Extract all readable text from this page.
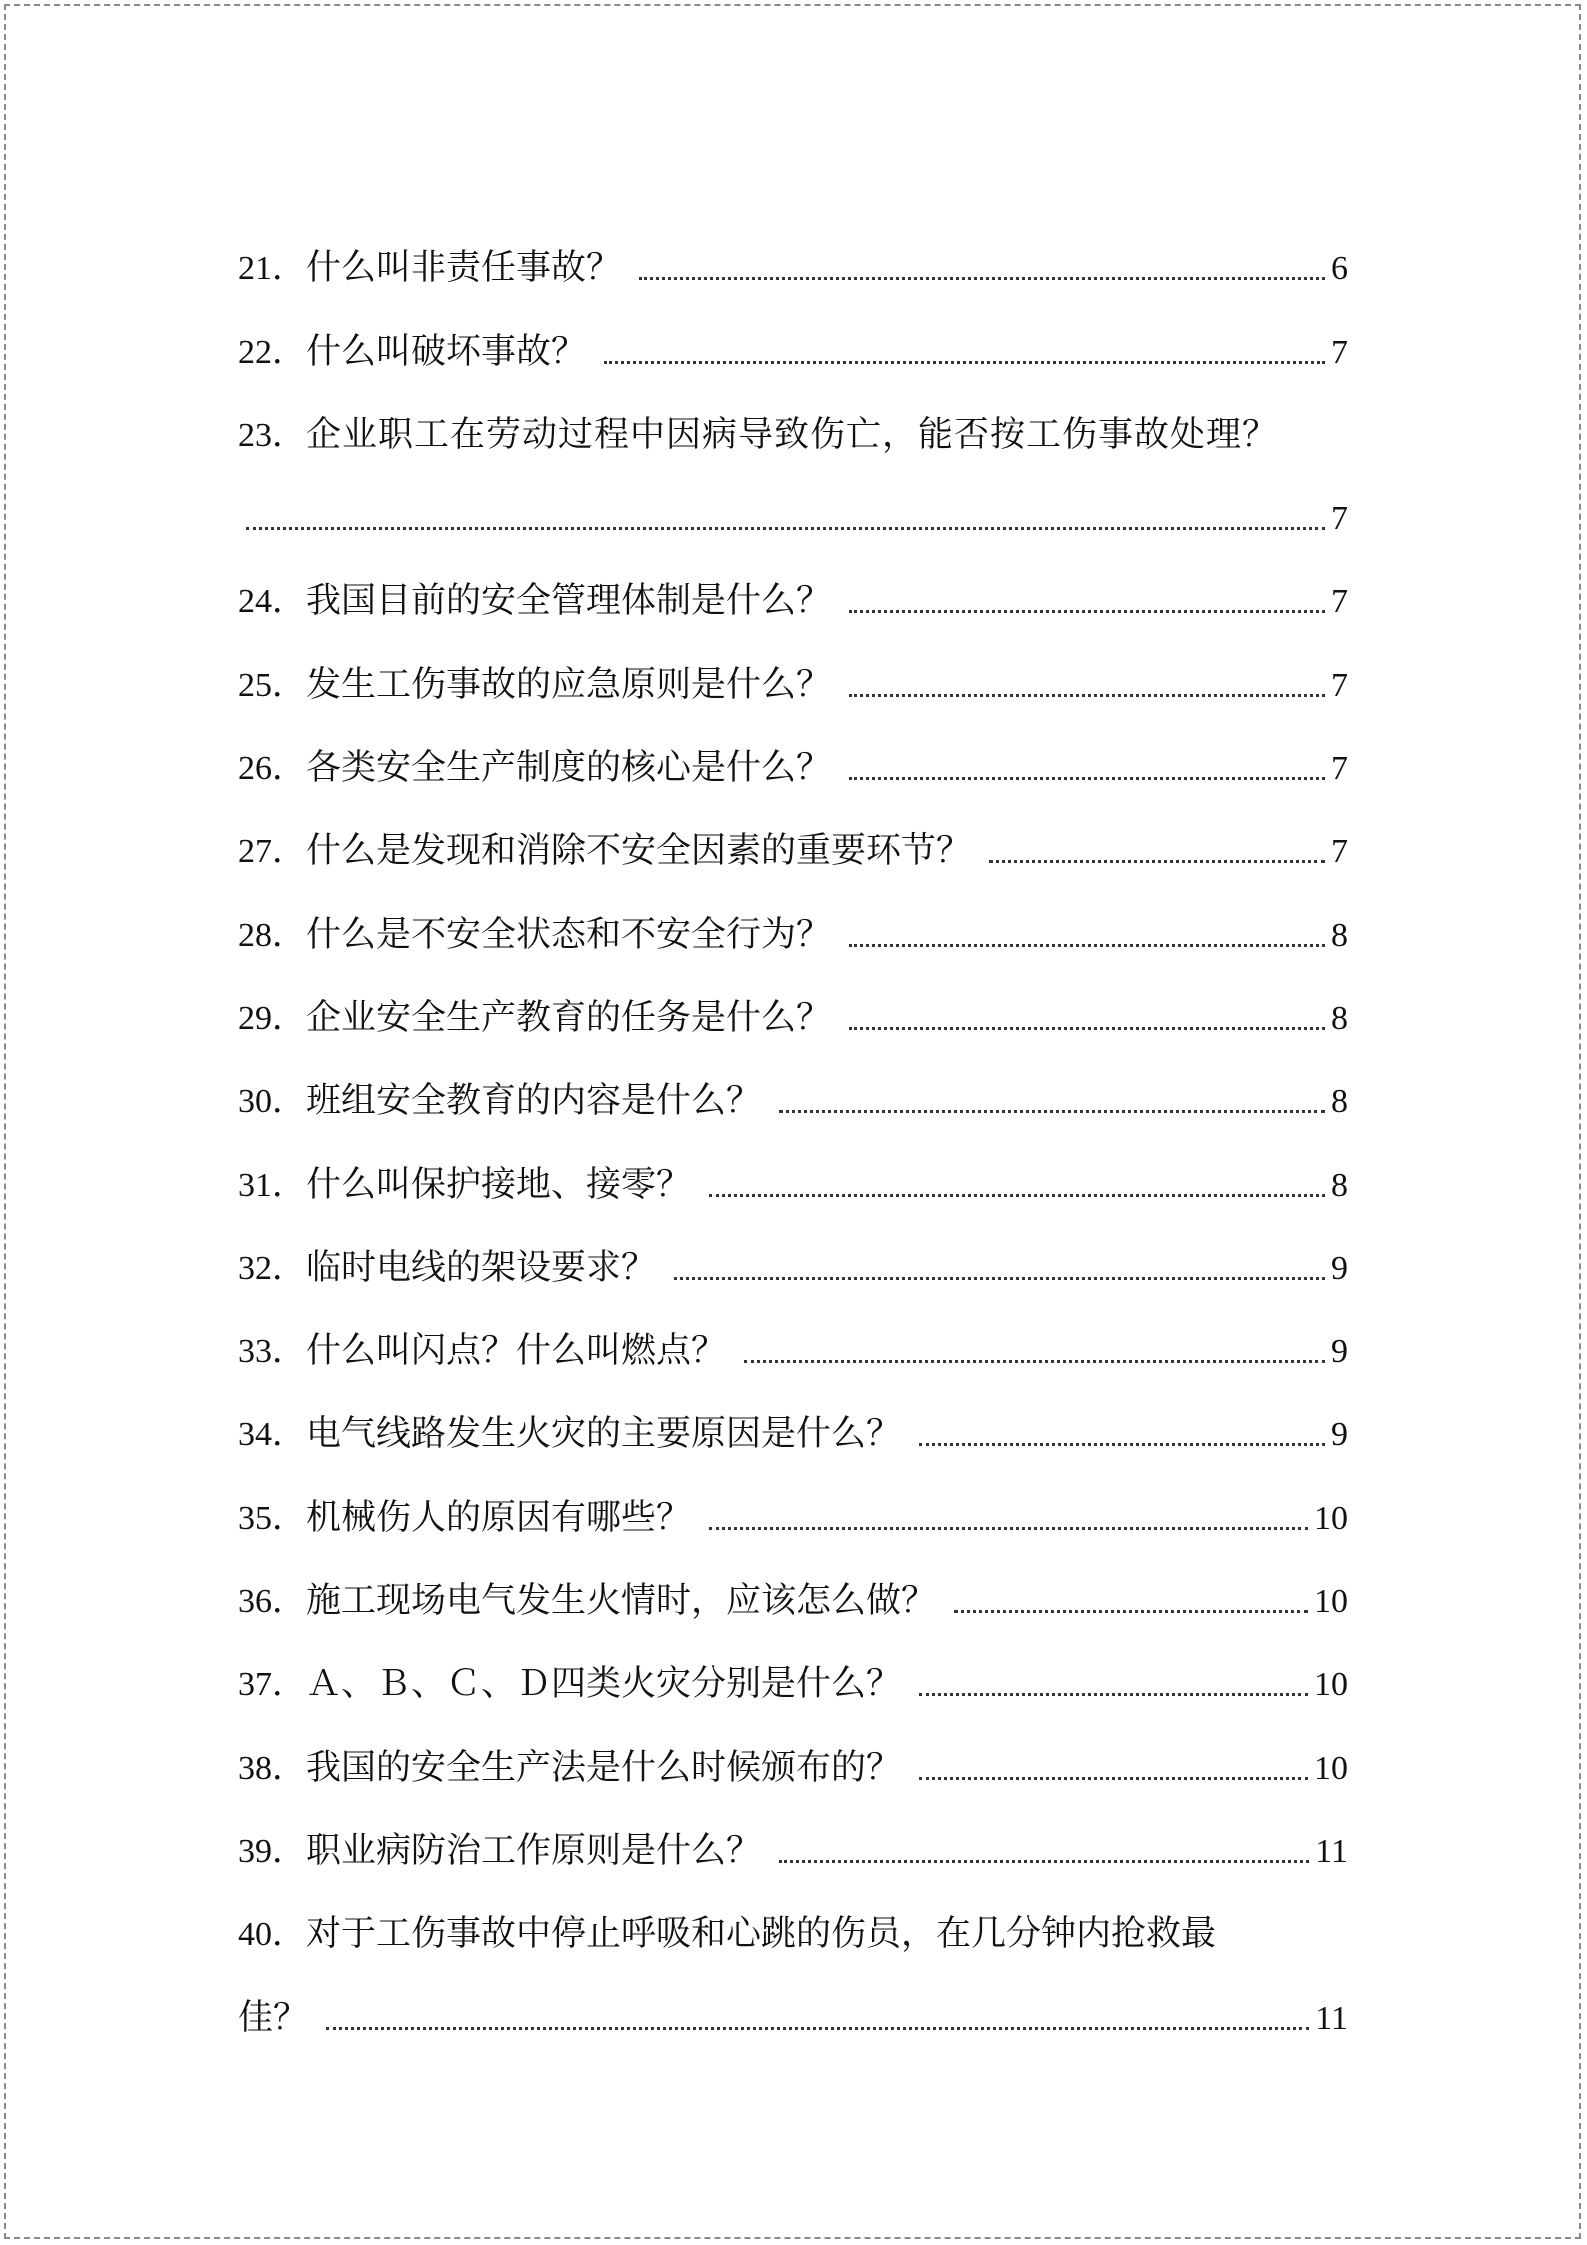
21． 什么叫非责任事故？	6
22． 什么叫破坏事故？	7
23． 企业职工在劳动过程中因病导致伤亡，能否按工伤事故处理？
7
24． 我国目前的安全管理体制是什么？	7
25． 发生工伤事故的应急原则是什么？	7
26． 各类安全生产制度的核心是什么？	7
27． 什么是发现和消除不安全因素的重要环节？	7
28． 什么是不安全状态和不安全行为？	8
29． 企业安全生产教育的任务是什么？	8
30． 班组安全教育的内容是什么？	8
31． 什么叫保护接地、接零？	8
32． 临时电线的架设要求？	9
33． 什么叫闪点？什么叫燃点？	9
34． 电气线路发生火灾的主要原因是什么？	9
35． 机械伤人的原因有哪些？	10
36． 施工现场电气发生火情时，应该怎么做？	10
37． Ａ、Ｂ、Ｃ、Ｄ四类火灾分别是什么？	10
38． 我国的安全生产法是什么时候颁布的？	10
39． 职业病防治工作原则是什么？	11
40． 对于工伤事故中停止呼吸和心跳的伤员，在几分钟内抢救最
佳？	11
